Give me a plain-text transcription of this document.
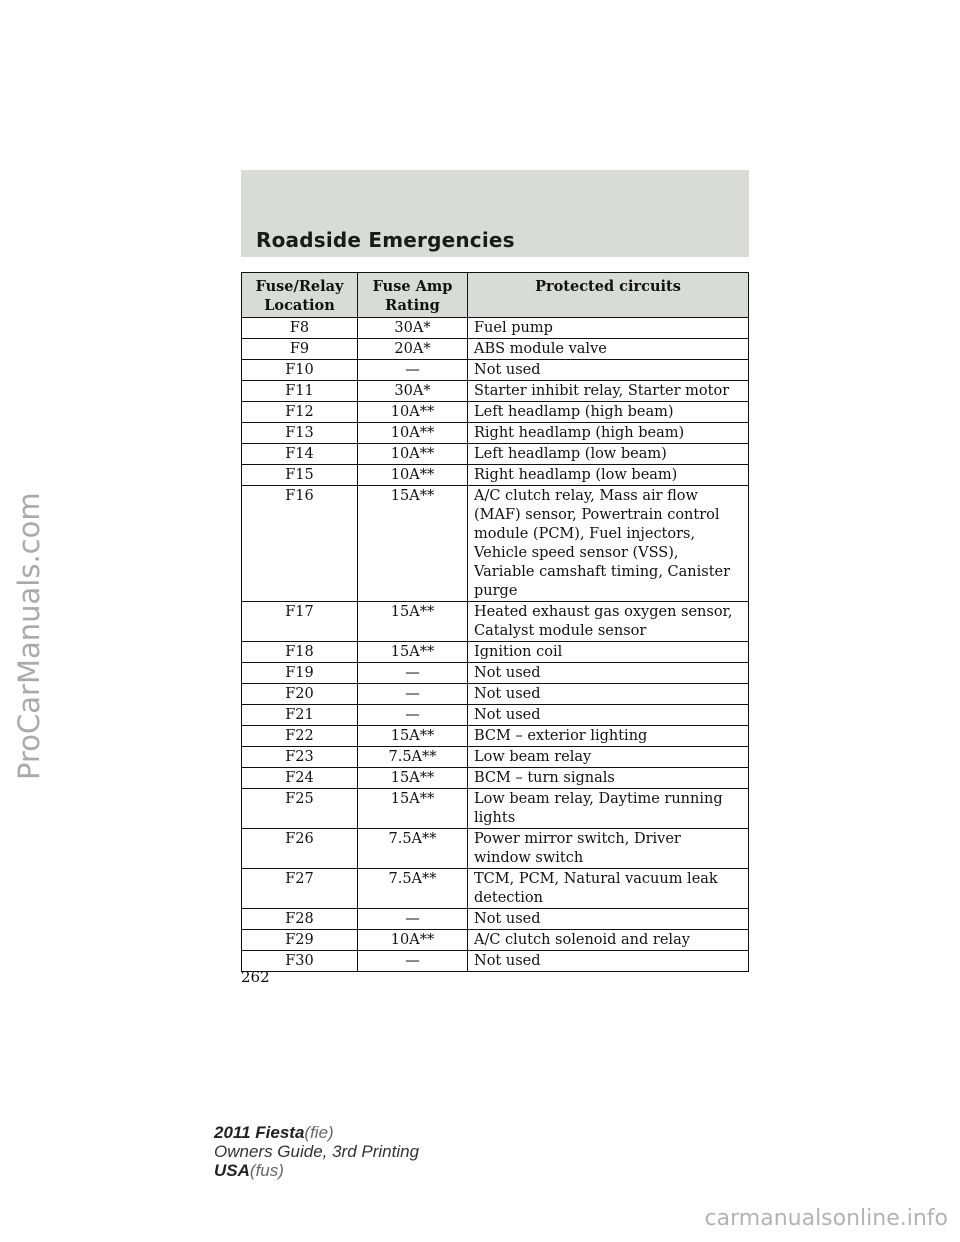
Roadside Emergencies
Fuse/Relay Location	Fuse Amp Rating	Protected circuits
F8	30A*	Fuel pump
F9	20A*	ABS module valve
F10	—	Not used
F11	30A*	Starter inhibit relay, Starter motor
F12	10A**	Left headlamp (high beam)
F13	10A**	Right headlamp (high beam)
F14	10A**	Left headlamp (low beam)
F15	10A**	Right headlamp (low beam)
F16	15A**	A/C clutch relay, Mass air flow (MAF) sensor, Powertrain control module (PCM), Fuel injectors, Vehicle speed sensor (VSS), Variable camshaft timing, Canister purge
F17	15A**	Heated exhaust gas oxygen sensor, Catalyst module sensor
F18	15A**	Ignition coil
F19	—	Not used
F20	—	Not used
F21	—	Not used
F22	15A**	BCM – exterior lighting
F23	7.5A**	Low beam relay
F24	15A**	BCM – turn signals
F25	15A**	Low beam relay, Daytime running lights
F26	7.5A**	Power mirror switch, Driver window switch
F27	7.5A**	TCM, PCM, Natural vacuum leak detection
F28	—	Not used
F29	10A**	A/C clutch solenoid and relay
F30	—	Not used
262
2011 Fiesta(fie)
Owners Guide, 3rd Printing
USA(fus)
ProCarManuals.com
carmanualsonline.info
